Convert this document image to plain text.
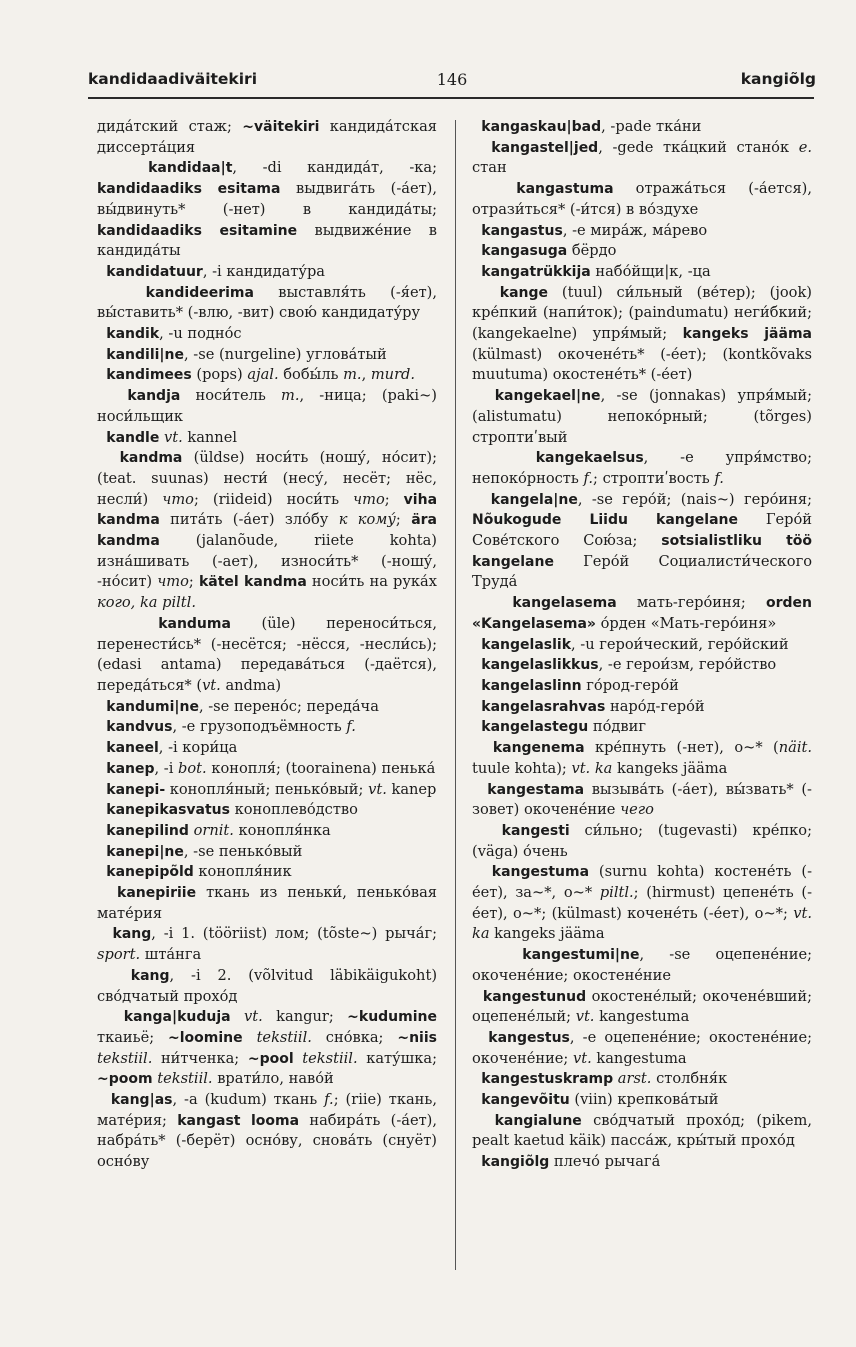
146
kandidaadiväitekiri	kangiõlg

дида́тский стаж; ~väitekiri кандида́тская диссерта́ция

kandidaa|t, -di кандида́т, -ка; kandidaadiks esitama выдвига́ть (-а́ет), вы́двинуть* (-нет) в кандида́ты; kandidaadiks esitamine выдвиже́ние в кандида́ты

kandidatuur, -i кандидату́ра

kandideerima выставля́ть (-я́ет), вы́ставить* (-влю, -вит) свою́ кандидату́ру

kandik, -u подно́с

kandili|ne, -se (nurgeline) углова́тый

kandimees (pops) ajal. бобы́ль m., murd.

kandja носи́тель m., -ница; (paki~) носи́льщик

kandle vt. kannel

kandma (üldse) носи́ть (ношу́, но́сит); (teat. suunas) нести́ (несу́, несёт; нёс, несли́) что; (riideid) носи́ть что; viha kandma пита́ть (-а́ет) зло́бу к кому́; ära kandma (jalanõude, riiete kohta) изна́шивать (-ает), износи́ть* (-ношу́, -но́сит) что; kätel kandma носи́ть на рука́х кого, ka piltl.

kanduma (üle) переноси́ться, перенести́сь* (-несётся; -нёсся, -несли́сь); (edasi antama) передава́ться (-даётся), переда́ться* (vt. andma)

kandumi|ne, -se перено́с; переда́ча

kandvus, -e грузоподъёмность f.

kaneel, -i кори́ца

kanep, -i bot. конопля́; (toorainena) пенька́

kanepi- конопля́ный; пенько́вый; vt. kanep

kanepikasvatus коноплево́дство

kanepilind ornit. конопля́нка

kanepi|ne, -se пенько́вый

kanepipõld конопля́ник

kanepiriie ткань из пеньки́, пенько́вая мате́рия

kang, -i 1. (tööriist) лом; (tõste~) рыча́г; sport. шта́нга

kang, -i 2. (võlvitud läbikäigukoht) сво́дчатый прохо́д

kanga|kuduja vt. kangur; ~kudumine ткаиьё; ~loomine tekstiil. сно́вка; ~niis tekstiil. ни́тченка; ~pool tekstiil. кату́шка; ~poom tekstiil. врати́ло, наво́й

kang|as, -a (kudum) ткань f.; (riie) ткань, мате́рия; kangast looma набира́ть (-а́ет), набра́ть* (-берёт) осно́ву, снова́ть (снуёт) осно́ву

kangaskau|bad, -pade тка́ни

kangastel|jed, -gede тка́цкий стано́к e. стан

kangastuma отража́ться (-а́ется), отрази́ться* (-и́тся) в во́здухе

kangastus, -e мира́ж, ма́рево

kangasuga бёрдо

kangatrükkija набо́йщи|к, -ца

kange (tuul) си́льный (ве́тер); (jook) кре́пкий (напи́ток); (paindumatu) неги́бкий; (kangekaelne) упря́мый; kangeks jääma (külmast) окочене́ть* (-е́ет); (kontkõvaks muutuma) окостене́ть* (-е́ет)

kangekael|ne, -se (jonnakas) упря́мый; (alistumatu) непоко́рный; (tõrges) строптиʹвый

kangekaelsus, -e упря́мство; непоко́рность f.; строптиʹвость f.

kangela|ne, -se геро́й; (nais~) геро́иня; Nõukogude Liidu kangelane Геро́й Сове́тского Сою́за; sotsialistliku töö kangelane Геро́й Социалисти́ческого Труда́

kangelasema мать-геро́иня; orden «Kangelasema» о́рден «Мать-геро́иня»

kangelaslik, -u герои́ческий, геро́йский

kangelaslikkus, -e герои́зм, геро́йство

kangelaslinn го́род-геро́й

kangelasrahvas наро́д-геро́й

kangelastegu по́двиг

kangenema кре́пнуть (-нет), о~* (näit. tuule kohta); vt. ka kangeks jääma

kangestama вызыва́ть (-а́ет), вы́звать* (-зовет) окочене́ние чего

kangesti си́льно; (tugevasti) кре́пко; (väga) о́чень

kangestuma (surnu kohta) костене́ть (-е́ет), за~*, о~* piltl.; (hirmust) цепене́ть (-е́ет), о~*; (külmast) кочене́ть (-е́ет), о~*; vt. ka kangeks jääma

kangestumi|ne, -se оцепене́ние; окочене́ние; окостене́ние

kangestunud окостене́лый; окочене́вший; оцепене́лый; vt. kangestuma

kangestus, -e оцепене́ние; окостене́ние; окочене́ние; vt. kangestuma

kangestuskramp arst. столбня́к

kangevõitu (viin) крепкова́тый

kangialune сво́дчатый прохо́д; (pikem, pealt kaetud käik) пасса́ж, кры́тый прохо́д

kangiõlg плечо́ рычага́
